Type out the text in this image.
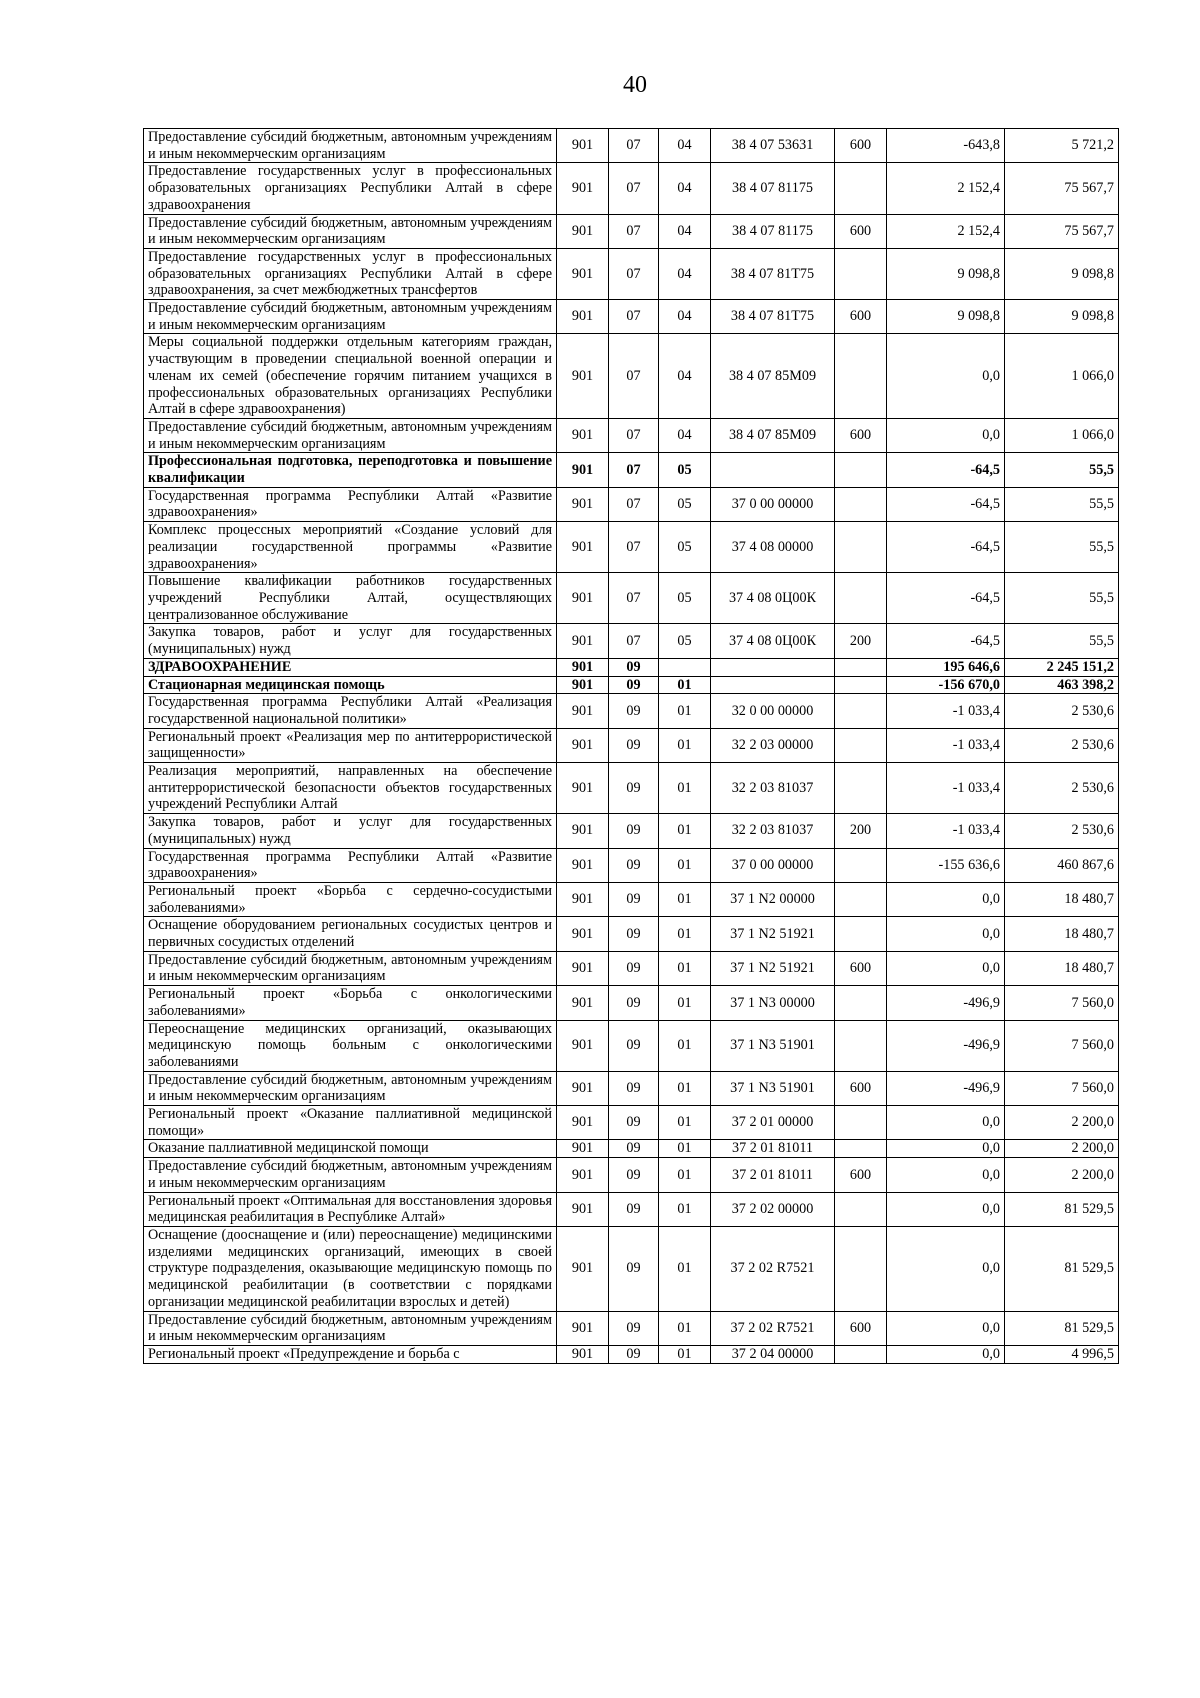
40
Предоставление субсидий бюджетным, автономным учреждениям и иным некоммерческим организациям	901	07	04	38 4 07 53631	600	-643,8	5 721,2
Предоставление государственных услуг в профессиональных образовательных организациях Республики Алтай в сфере здравоохранения	901	07	04	38 4 07 81175		2 152,4	75 567,7
Предоставление субсидий бюджетным, автономным учреждениям и иным некоммерческим организациям	901	07	04	38 4 07 81175	600	2 152,4	75 567,7
Предоставление государственных услуг в профессиональных образовательных организациях Республики Алтай в сфере здравоохранения, за счет межбюджетных трансфертов	901	07	04	38 4 07 81Т75		9 098,8	9 098,8
Предоставление субсидий бюджетным, автономным учреждениям и иным некоммерческим организациям	901	07	04	38 4 07 81Т75	600	9 098,8	9 098,8
Меры социальной поддержки отдельным категориям граждан, участвующим в проведении специальной военной операции и членам их семей (обеспечение горячим питанием учащихся в профессиональных образовательных организациях Республики Алтай в сфере здравоохранения)	901	07	04	38 4 07 85М09		0,0	1 066,0
Предоставление субсидий бюджетным, автономным учреждениям и иным некоммерческим организациям	901	07	04	38 4 07 85М09	600	0,0	1 066,0
Профессиональная подготовка, переподготовка и повышение квалификации	901	07	05			-64,5	55,5
Государственная программа Республики Алтай «Развитие здравоохранения»	901	07	05	37 0 00 00000		-64,5	55,5
Комплекс процессных мероприятий «Создание условий для реализации государственной программы «Развитие здравоохранения»	901	07	05	37 4 08 00000		-64,5	55,5
Повышение квалификации работников государственных учреждений Республики Алтай, осуществляющих централизованное обслуживание	901	07	05	37 4 08 0Ц00К		-64,5	55,5
Закупка товаров, работ и услуг для государственных (муниципальных) нужд	901	07	05	37 4 08 0Ц00К	200	-64,5	55,5
ЗДРАВООХРАНЕНИЕ	901	09				195 646,6	2 245 151,2
Стационарная медицинская помощь	901	09	01			-156 670,0	463 398,2
Государственная программа Республики Алтай «Реализация государственной национальной политики»	901	09	01	32 0 00 00000		-1 033,4	2 530,6
Региональный проект «Реализация мер по антитеррористической защищенности»	901	09	01	32 2 03 00000		-1 033,4	2 530,6
Реализация мероприятий, направленных на обеспечение антитеррористической безопасности объектов государственных учреждений Республики Алтай	901	09	01	32 2 03 81037		-1 033,4	2 530,6
Закупка товаров, работ и услуг для государственных (муниципальных) нужд	901	09	01	32 2 03 81037	200	-1 033,4	2 530,6
Государственная программа Республики Алтай «Развитие здравоохранения»	901	09	01	37 0 00 00000		-155 636,6	460 867,6
Региональный проект «Борьба с сердечно-сосудистыми заболеваниями»	901	09	01	37 1 N2 00000		0,0	18 480,7
Оснащение оборудованием региональных сосудистых центров и первичных сосудистых отделений	901	09	01	37 1 N2 51921		0,0	18 480,7
Предоставление субсидий бюджетным, автономным учреждениям и иным некоммерческим организациям	901	09	01	37 1 N2 51921	600	0,0	18 480,7
Региональный проект «Борьба с онкологическими заболеваниями»	901	09	01	37 1 N3 00000		-496,9	7 560,0
Переоснащение медицинских организаций, оказывающих медицинскую помощь больным с онкологическими заболеваниями	901	09	01	37 1 N3 51901		-496,9	7 560,0
Предоставление субсидий бюджетным, автономным учреждениям и иным некоммерческим организациям	901	09	01	37 1 N3 51901	600	-496,9	7 560,0
Региональный проект «Оказание паллиативной медицинской помощи»	901	09	01	37 2 01 00000		0,0	2 200,0
Оказание паллиативной медицинской помощи	901	09	01	37 2 01 81011		0,0	2 200,0
Предоставление субсидий бюджетным, автономным учреждениям и иным некоммерческим организациям	901	09	01	37 2 01 81011	600	0,0	2 200,0
Региональный проект «Оптимальная для восстановления здоровья медицинская реабилитация в Республике Алтай»	901	09	01	37 2 02 00000		0,0	81 529,5
Оснащение (дооснащение и (или) переоснащение) медицинскими изделиями медицинских организаций, имеющих в своей структуре подразделения, оказывающие медицинскую помощь по медицинской реабилитации (в соответствии с порядками организации медицинской реабилитации взрослых и детей)	901	09	01	37 2 02 R7521		0,0	81 529,5
Предоставление субсидий бюджетным, автономным учреждениям и иным некоммерческим организациям	901	09	01	37 2 02 R7521	600	0,0	81 529,5
Региональный проект «Предупреждение и борьба с	901	09	01	37 2 04 00000		0,0	4 996,5
